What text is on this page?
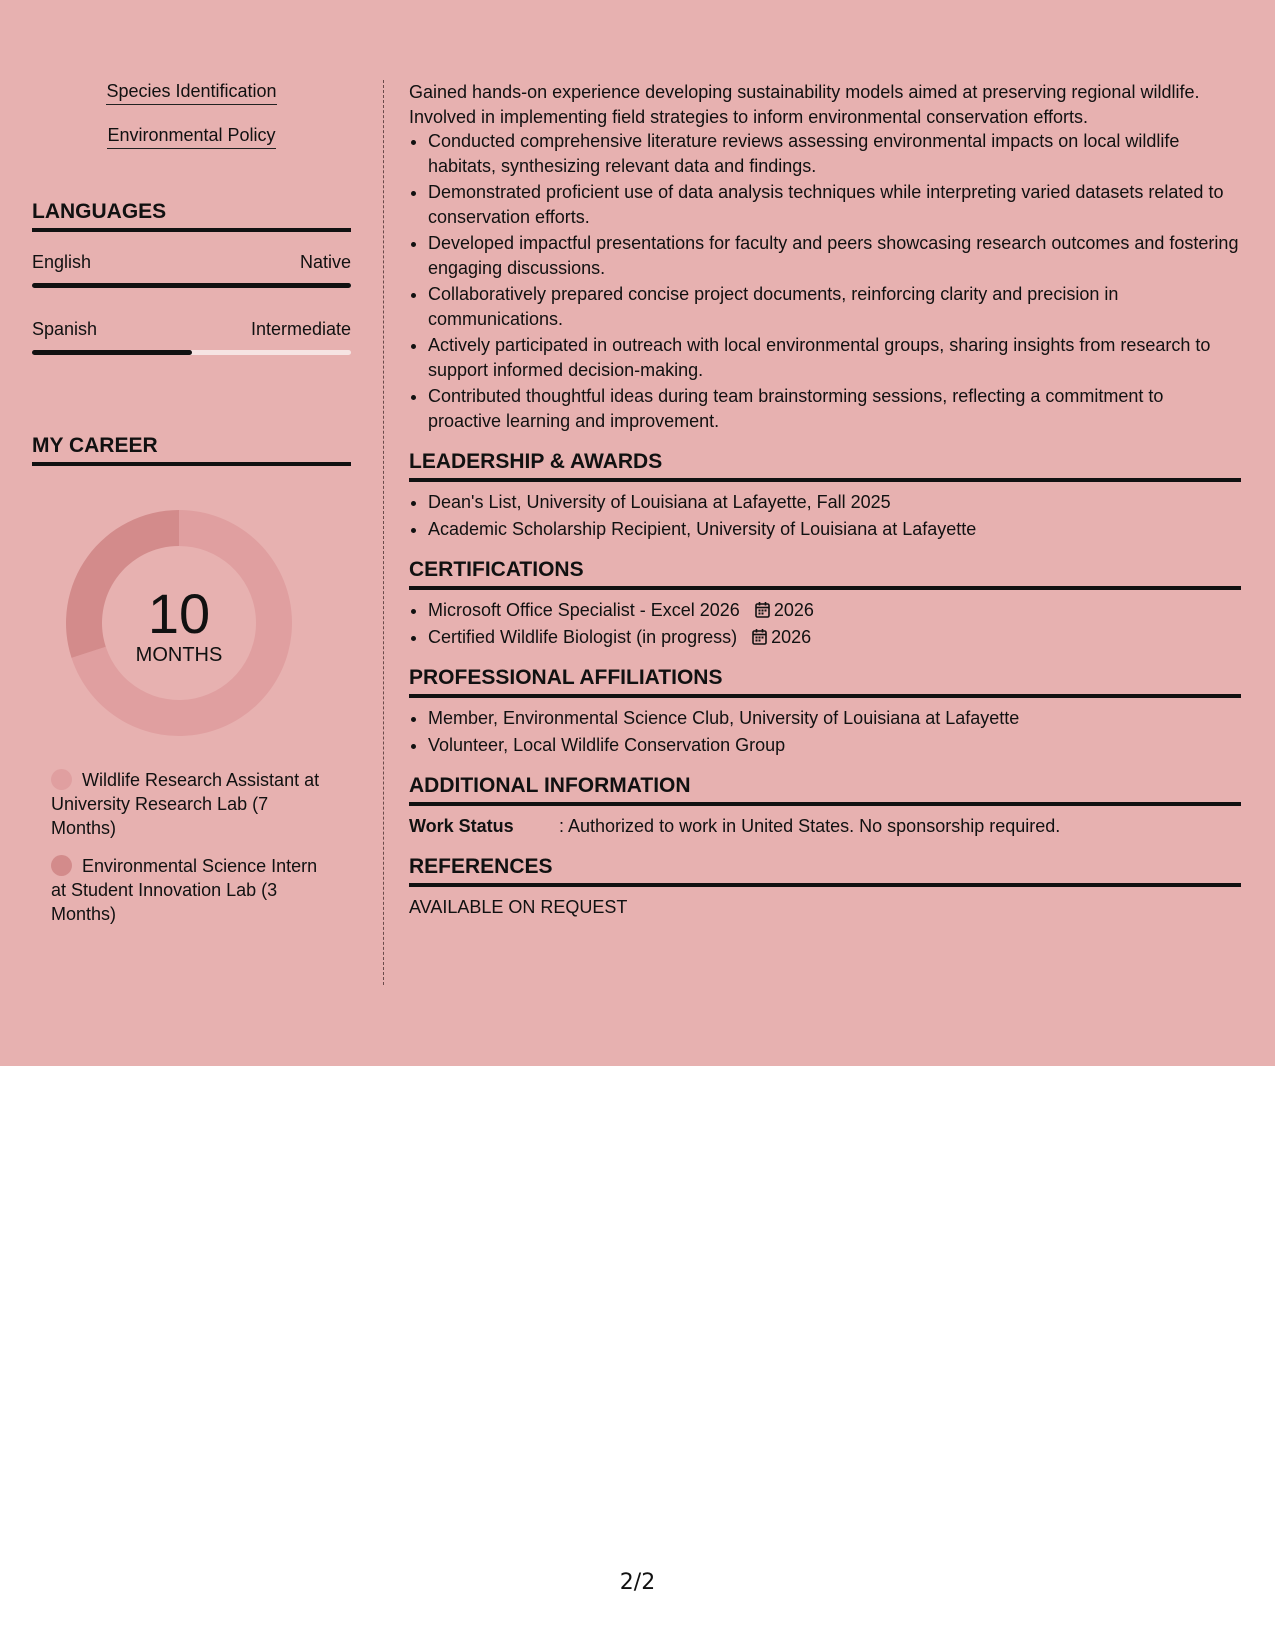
Species Identification
Environmental Policy
LANGUAGES
English	Native
Spanish	Intermediate
MY CAREER
10
MONTHS
Wildlife Research Assistant at University Research Lab (7 Months)
Environmental Science Intern at Student Innovation Lab (3 Months)
Gained hands-on experience developing sustainability models aimed at preserving regional wildlife. Involved in implementing field strategies to inform environmental conservation efforts.
• Conducted comprehensive literature reviews assessing environmental impacts on local wildlife habitats, synthesizing relevant data and findings.
• Demonstrated proficient use of data analysis techniques while interpreting varied datasets related to conservation efforts.
• Developed impactful presentations for faculty and peers showcasing research outcomes and fostering engaging discussions.
• Collaboratively prepared concise project documents, reinforcing clarity and precision in communications.
• Actively participated in outreach with local environmental groups, sharing insights from research to support informed decision-making.
• Contributed thoughtful ideas during team brainstorming sessions, reflecting a commitment to proactive learning and improvement.
LEADERSHIP & AWARDS
• Dean's List, University of Louisiana at Lafayette, Fall 2025
• Academic Scholarship Recipient, University of Louisiana at Lafayette
CERTIFICATIONS
• Microsoft Office Specialist - Excel 2026 2026
• Certified Wildlife Biologist (in progress) 2026
PROFESSIONAL AFFILIATIONS
• Member, Environmental Science Club, University of Louisiana at Lafayette
• Volunteer, Local Wildlife Conservation Group
ADDITIONAL INFORMATION
Work Status	: Authorized to work in United States. No sponsorship required.
REFERENCES
AVAILABLE ON REQUEST
2/2
